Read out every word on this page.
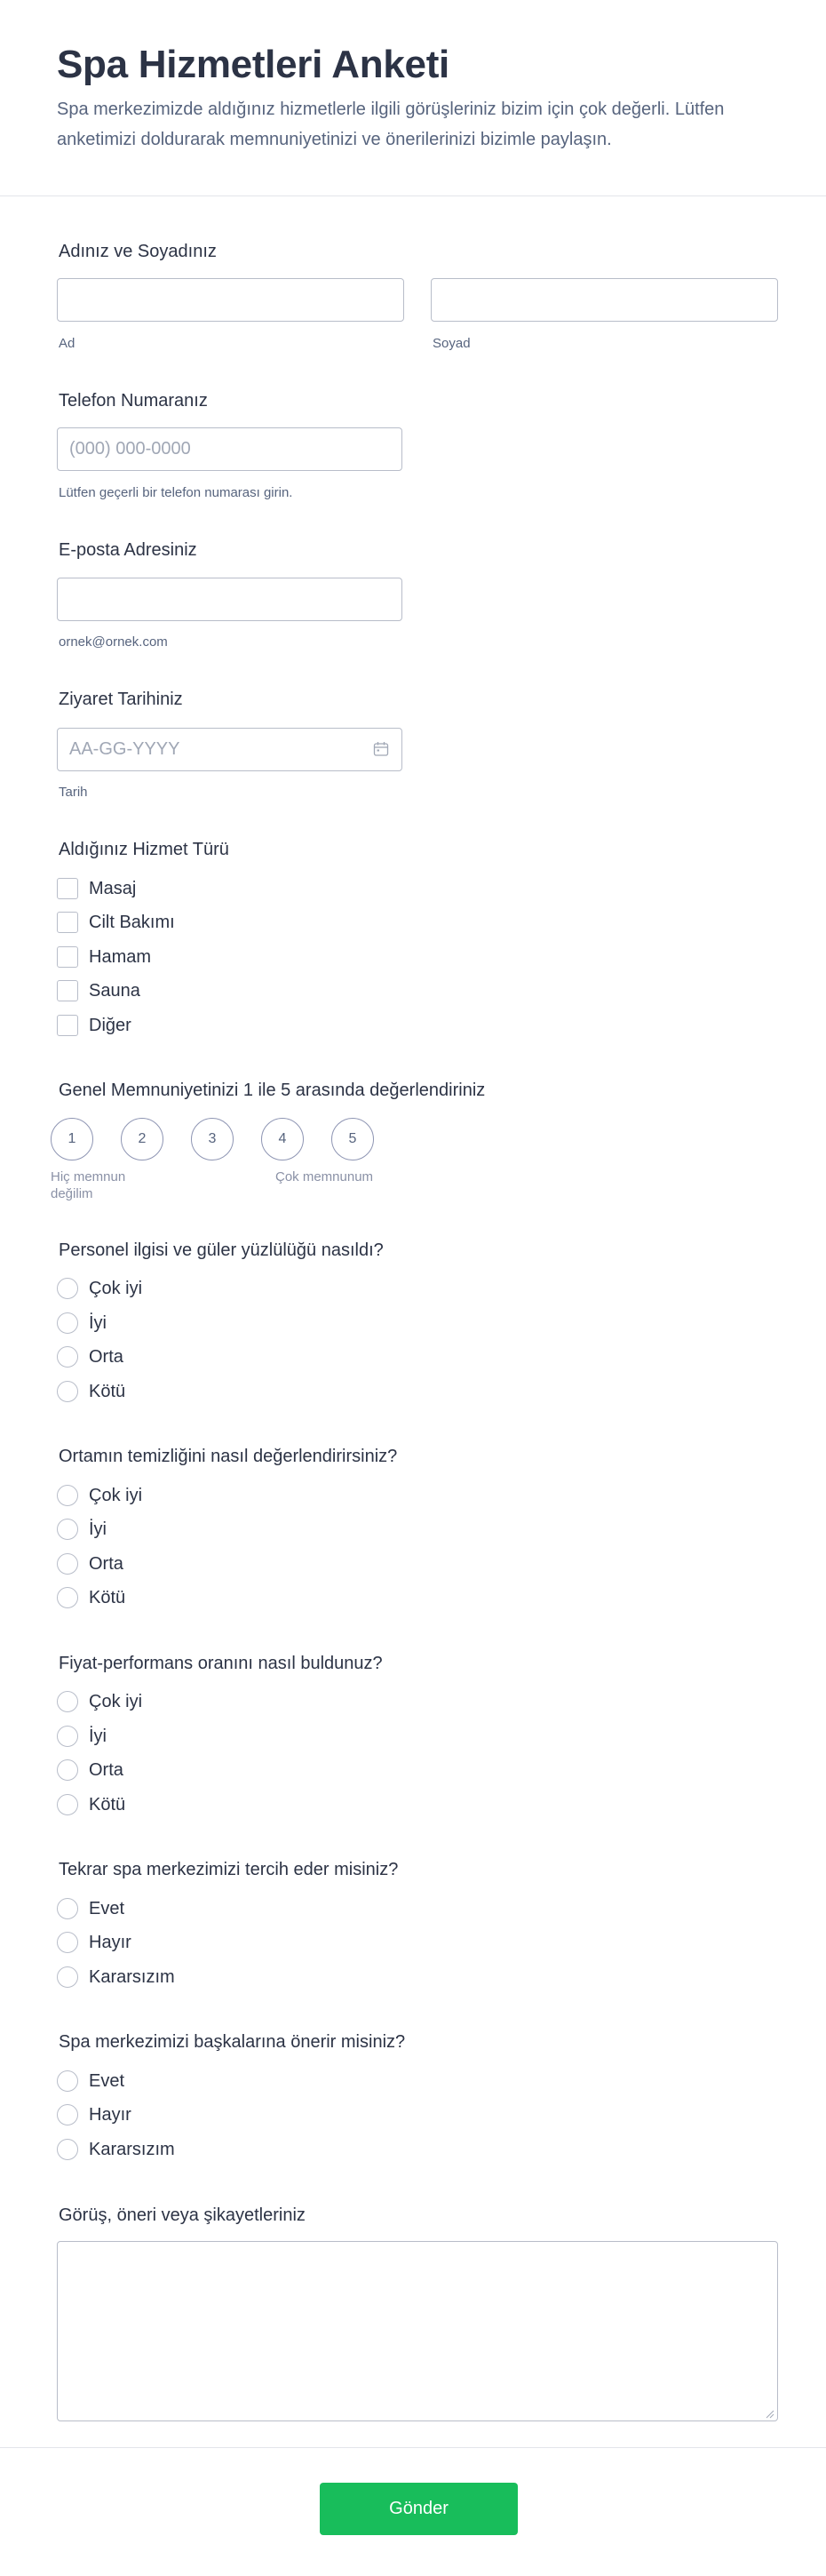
Spa Hizmetleri Anketi

Spa merkezimizde aldığınız hizmetlerle ilgili görüşleriniz bizim için çok değerli. Lütfen anketimizi doldurarak memnuniyetinizi ve önerilerinizi bizimle paylaşın.

Adınız ve Soyadınız
Ad	Soyad
Telefon Numaranız
(000) 000-0000
Lütfen geçerli bir telefon numarası girin.
E-posta Adresiniz
ornek@ornek.com
Ziyaret Tarihiniz
AA-GG-YYYY
Tarih
Aldığınız Hizmet Türü
Masaj
Cilt Bakımı
Hamam
Sauna
Diğer
Genel Memnuniyetinizi 1 ile 5 arasında değerlendiriniz
1	2	3	4	5
Hiç memnun değilim
Çok memnunum
Personel ilgisi ve güler yüzlülüğü nasıldı?
Çok iyi
İyi
Orta
Kötü
Ortamın temizliğini nasıl değerlendirirsiniz?
Çok iyi
İyi
Orta
Kötü
Fiyat-performans oranını nasıl buldunuz?
Çok iyi
İyi
Orta
Kötü
Tekrar spa merkezimizi tercih eder misiniz?
Evet
Hayır
Kararsızım
Spa merkezimizi başkalarına önerir misiniz?
Evet
Hayır
Kararsızım
Görüş, öneri veya şikayetleriniz
Gönder
